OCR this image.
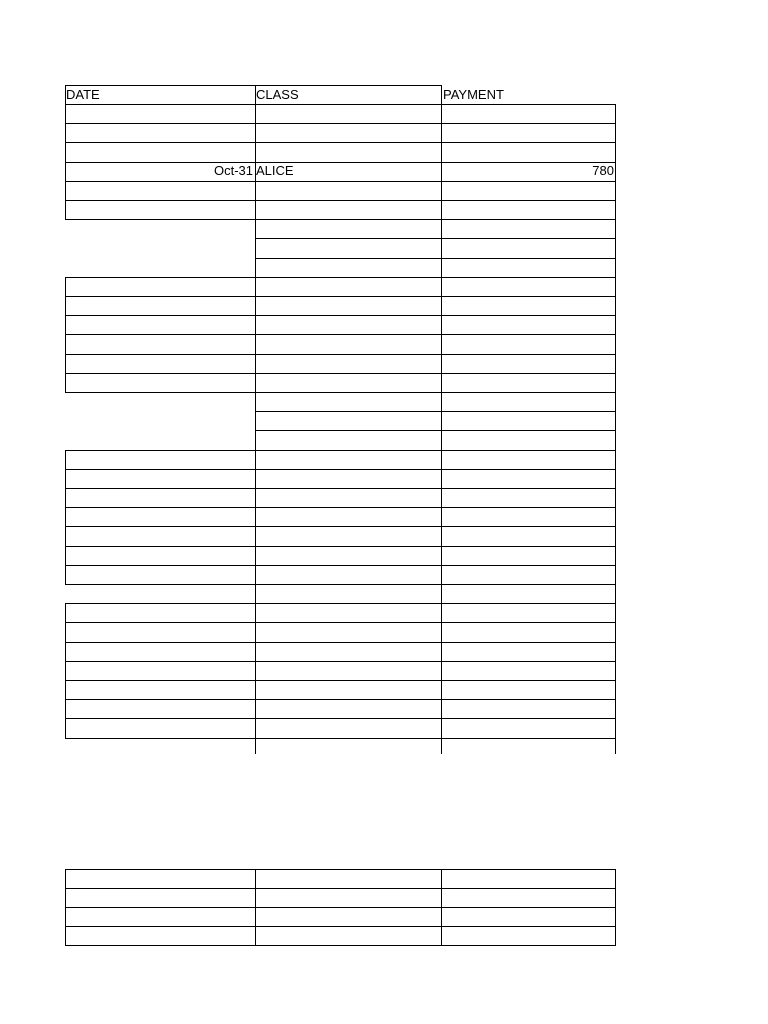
DATE	CLASS	PAYMENT
Oct-31 ALICE	780
